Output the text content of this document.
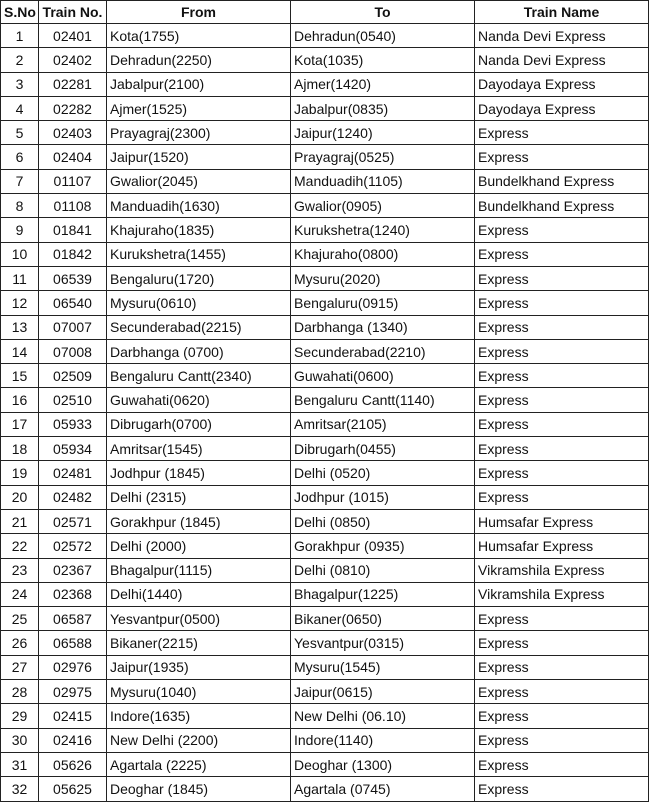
S.No	Train No.	From	To	Train Name
1	02401	Kota(1755)	Dehradun(0540)	Nanda Devi Express
2	02402	Dehradun(2250)	Kota(1035)	Nanda Devi Express
3	02281	Jabalpur(2100)	Ajmer(1420)	Dayodaya Express
4	02282	Ajmer(1525)	Jabalpur(0835)	Dayodaya Express
5	02403	Prayagraj(2300)	Jaipur(1240)	Express
6	02404	Jaipur(1520)	Prayagraj(0525)	Express
7	01107	Gwalior(2045)	Manduadih(1105)	Bundelkhand Express
8	01108	Manduadih(1630)	Gwalior(0905)	Bundelkhand Express
9	01841	Khajuraho(1835)	Kurukshetra(1240)	Express
10	01842	Kurukshetra(1455)	Khajuraho(0800)	Express
11	06539	Bengaluru(1720)	Mysuru(2020)	Express
12	06540	Mysuru(0610)	Bengaluru(0915)	Express
13	07007	Secunderabad(2215)	Darbhanga (1340)	Express
14	07008	Darbhanga (0700)	Secunderabad(2210)	Express
15	02509	Bengaluru Cantt(2340)	Guwahati(0600)	Express
16	02510	Guwahati(0620)	Bengaluru Cantt(1140)	Express
17	05933	Dibrugarh(0700)	Amritsar(2105)	Express
18	05934	Amritsar(1545)	Dibrugarh(0455)	Express
19	02481	Jodhpur (1845)	Delhi (0520)	Express
20	02482	Delhi (2315)	Jodhpur (1015)	Express
21	02571	Gorakhpur (1845)	Delhi (0850)	Humsafar Express
22	02572	Delhi (2000)	Gorakhpur (0935)	Humsafar Express
23	02367	Bhagalpur(1115)	Delhi (0810)	Vikramshila Express
24	02368	Delhi(1440)	Bhagalpur(1225)	Vikramshila Express
25	06587	Yesvantpur(0500)	Bikaner(0650)	Express
26	06588	Bikaner(2215)	Yesvantpur(0315)	Express
27	02976	Jaipur(1935)	Mysuru(1545)	Express
28	02975	Mysuru(1040)	Jaipur(0615)	Express
29	02415	Indore(1635)	New Delhi (06.10)	Express
30	02416	New Delhi (2200)	Indore(1140)	Express
31	05626	Agartala (2225)	Deoghar (1300)	Express
32	05625	Deoghar (1845)	Agartala (0745)	Express
